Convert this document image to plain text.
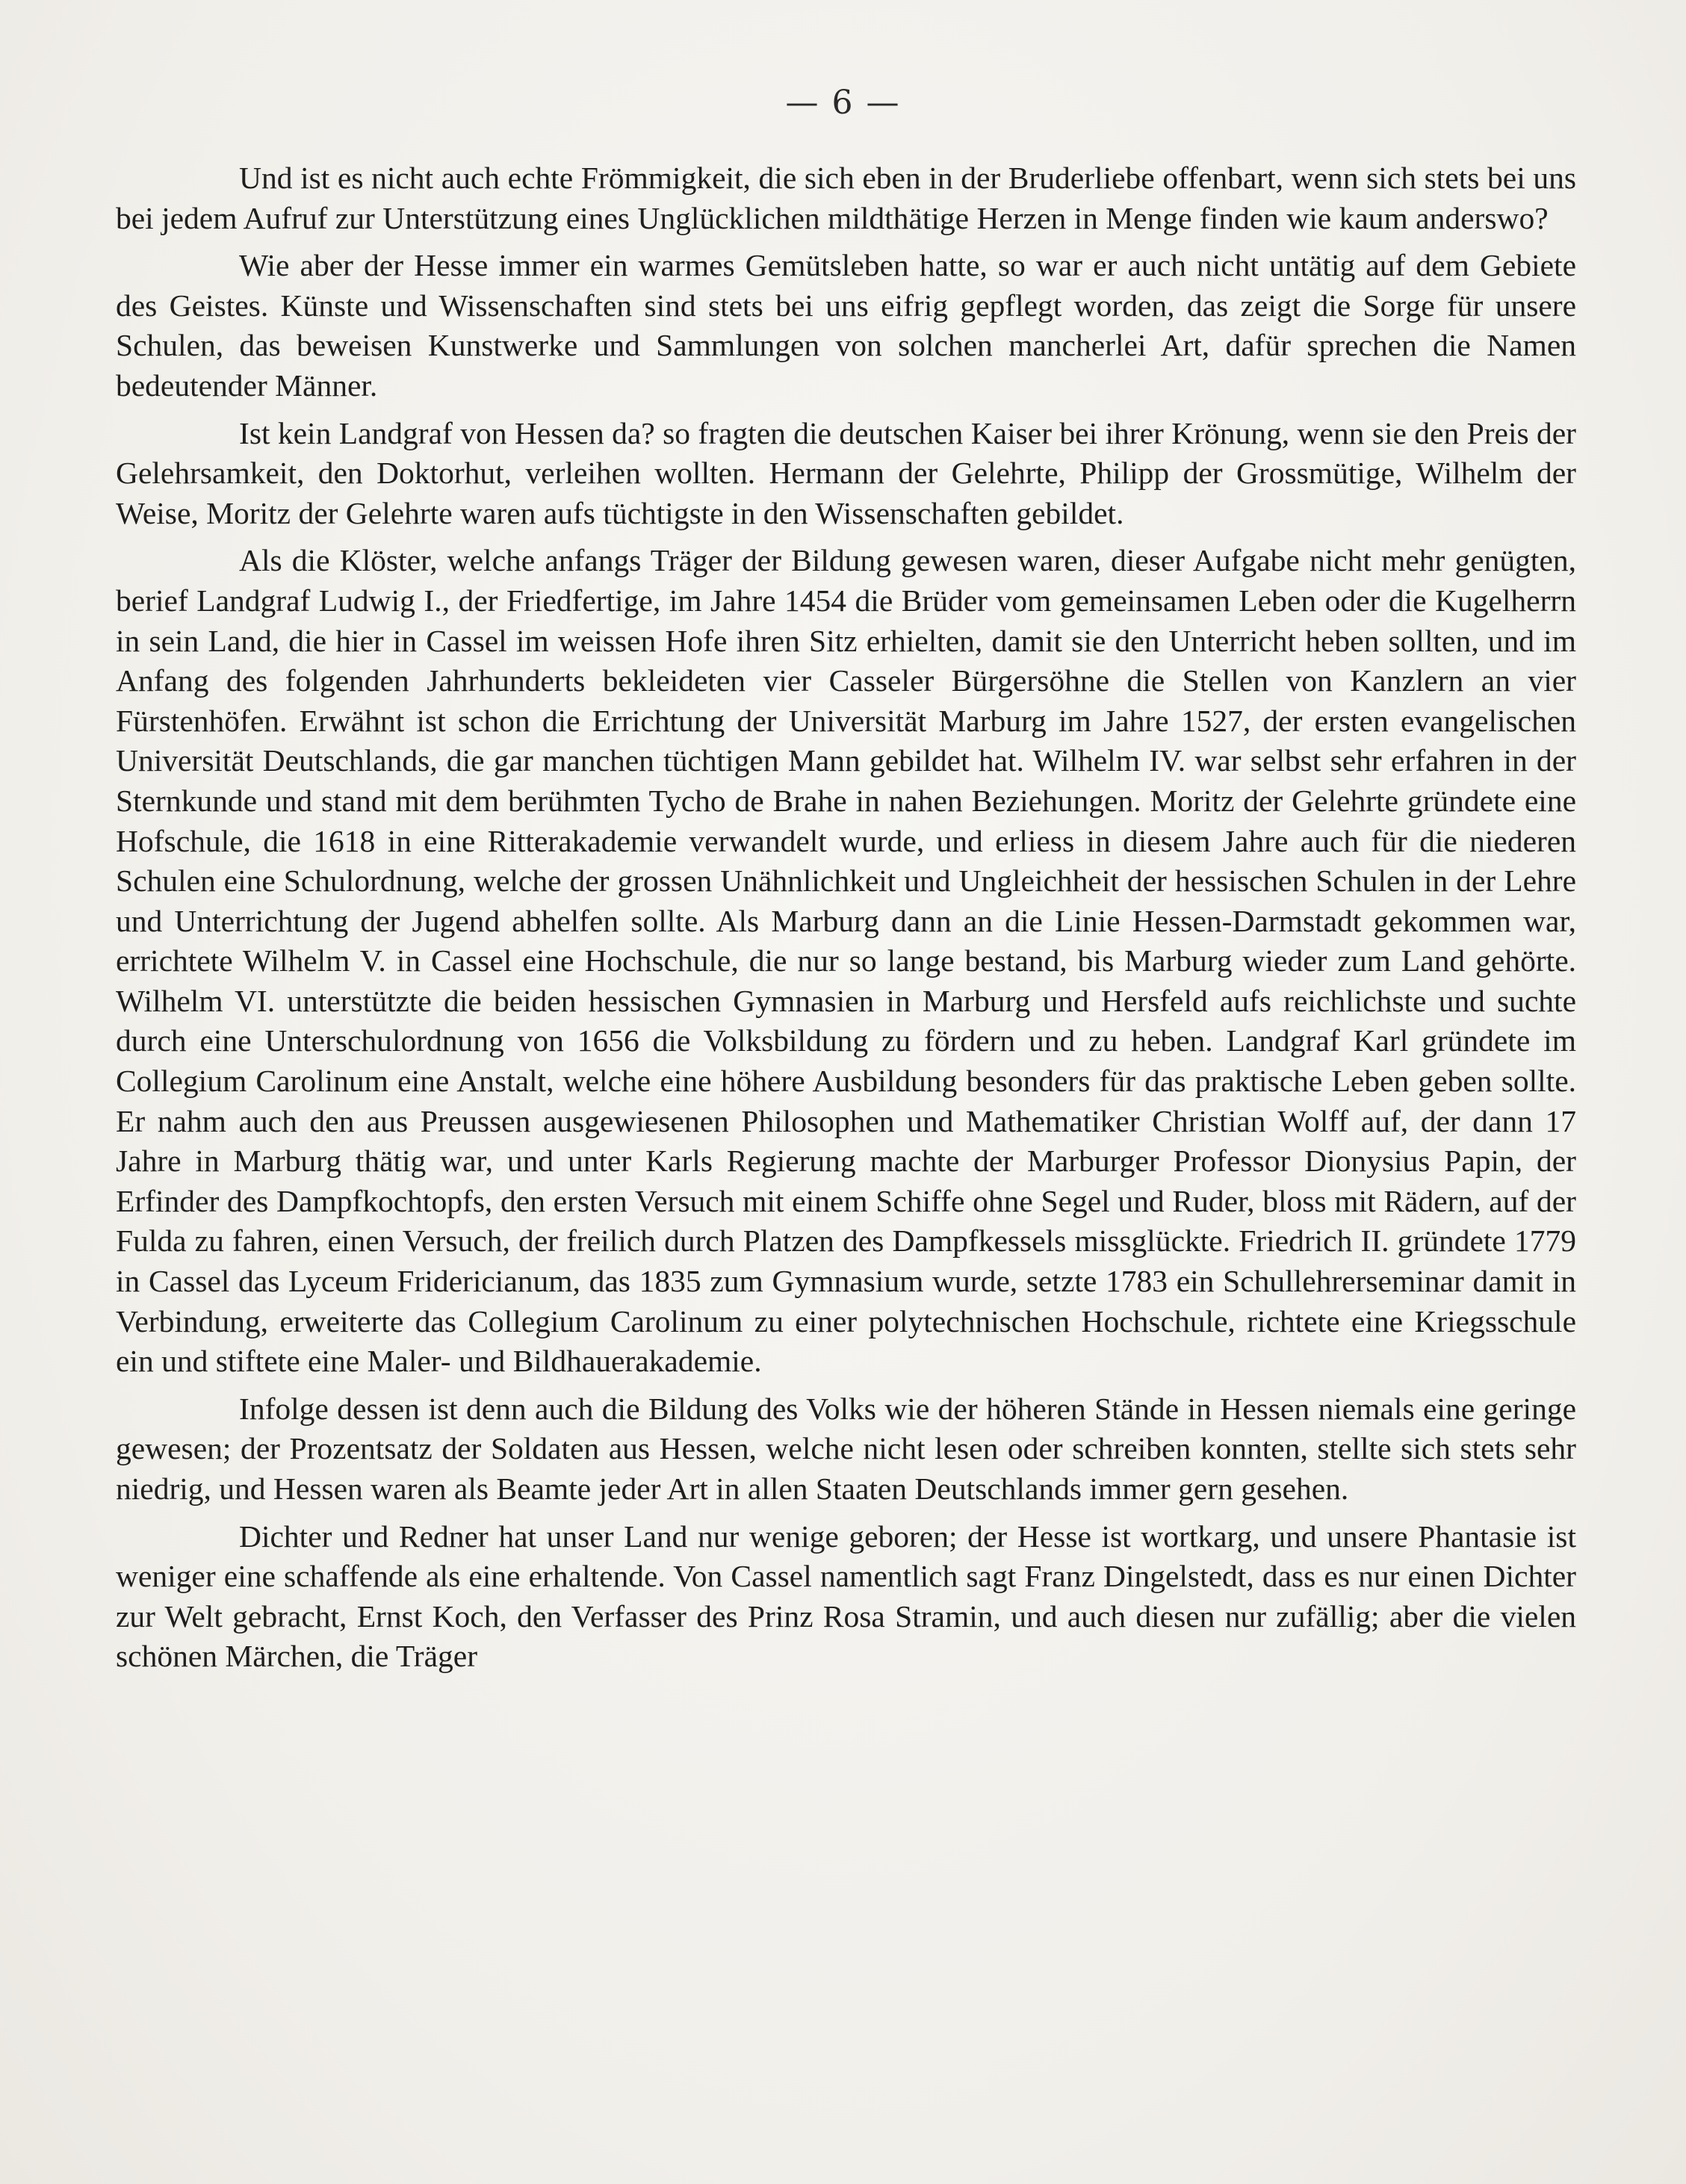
— 6 —

Und ist es nicht auch echte Frömmigkeit, die sich eben in der Bruderliebe offenbart, wenn sich stets bei uns bei jedem Aufruf zur Unterstützung eines Unglücklichen mildthätige Herzen in Menge finden wie kaum anderswo?

Wie aber der Hesse immer ein warmes Gemütsleben hatte, so war er auch nicht untätig auf dem Gebiete des Geistes. Künste und Wissenschaften sind stets bei uns eifrig gepflegt worden, das zeigt die Sorge für unsere Schulen, das beweisen Kunstwerke und Sammlungen von solchen mancherlei Art, dafür sprechen die Namen bedeutender Männer.

Ist kein Landgraf von Hessen da? so fragten die deutschen Kaiser bei ihrer Krönung, wenn sie den Preis der Gelehrsamkeit, den Doktorhut, verleihen wollten. Hermann der Gelehrte, Philipp der Grossmütige, Wilhelm der Weise, Moritz der Gelehrte waren aufs tüchtigste in den Wissenschaften gebildet.

Als die Klöster, welche anfangs Träger der Bildung gewesen waren, dieser Aufgabe nicht mehr genügten, berief Landgraf Ludwig I., der Friedfertige, im Jahre 1454 die Brüder vom gemeinsamen Leben oder die Kugelherrn in sein Land, die hier in Cassel im weissen Hofe ihren Sitz erhielten, damit sie den Unterricht heben sollten, und im Anfang des folgenden Jahrhunderts bekleideten vier Casseler Bürgersöhne die Stellen von Kanzlern an vier Fürstenhöfen. Erwähnt ist schon die Errichtung der Universität Marburg im Jahre 1527, der ersten evangelischen Universität Deutschlands, die gar manchen tüchtigen Mann gebildet hat. Wilhelm IV. war selbst sehr erfahren in der Sternkunde und stand mit dem berühmten Tycho de Brahe in nahen Beziehungen. Moritz der Gelehrte gründete eine Hofschule, die 1618 in eine Ritterakademie verwandelt wurde, und erliess in diesem Jahre auch für die niederen Schulen eine Schulordnung, welche der grossen Unähnlichkeit und Ungleichheit der hessischen Schulen in der Lehre und Unterrichtung der Jugend abhelfen sollte. Als Marburg dann an die Linie Hessen-Darmstadt gekommen war, errichtete Wilhelm V. in Cassel eine Hochschule, die nur so lange bestand, bis Marburg wieder zum Land gehörte. Wilhelm VI. unterstützte die beiden hessischen Gymnasien in Marburg und Hersfeld aufs reichlichste und suchte durch eine Unterschulordnung von 1656 die Volksbildung zu fördern und zu heben. Landgraf Karl gründete im Collegium Carolinum eine Anstalt, welche eine höhere Ausbildung besonders für das praktische Leben geben sollte. Er nahm auch den aus Preussen ausgewiesenen Philosophen und Mathematiker Christian Wolff auf, der dann 17 Jahre in Marburg thätig war, und unter Karls Regierung machte der Marburger Professor Dionysius Papin, der Erfinder des Dampfkochtopfs, den ersten Versuch mit einem Schiffe ohne Segel und Ruder, bloss mit Rädern, auf der Fulda zu fahren, einen Versuch, der freilich durch Platzen des Dampfkessels missglückte. Friedrich II. gründete 1779 in Cassel das Lyceum Fridericianum, das 1835 zum Gymnasium wurde, setzte 1783 ein Schullehrerseminar damit in Verbindung, erweiterte das Collegium Carolinum zu einer polytechnischen Hochschule, richtete eine Kriegsschule ein und stiftete eine Maler- und Bildhauerakademie.

Infolge dessen ist denn auch die Bildung des Volks wie der höheren Stände in Hessen niemals eine geringe gewesen; der Prozentsatz der Soldaten aus Hessen, welche nicht lesen oder schreiben konnten, stellte sich stets sehr niedrig, und Hessen waren als Beamte jeder Art in allen Staaten Deutschlands immer gern gesehen.

Dichter und Redner hat unser Land nur wenige geboren; der Hesse ist wortkarg, und unsere Phantasie ist weniger eine schaffende als eine erhaltende. Von Cassel namentlich sagt Franz Dingelstedt, dass es nur einen Dichter zur Welt gebracht, Ernst Koch, den Verfasser des Prinz Rosa Stramin, und auch diesen nur zufällig; aber die vielen schönen Märchen, die Träger
